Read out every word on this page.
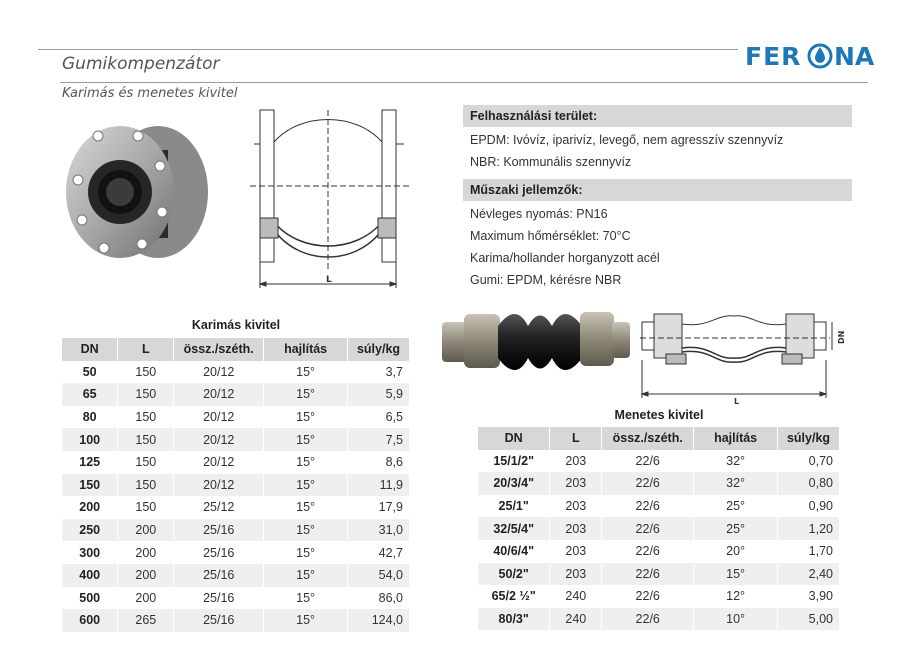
Gumikompenzátor
Karimás és menetes kivitel
FER NA
L
Felhasználási terület:
EPDM: Ivóvíz, iparivíz, levegő, nem agresszív szennyvíz
NBR: Kommunális szennyvíz
Műszaki jellemzők:
Névleges nyomás: PN16
Maximum hőmérséklet: 70°C
Karima/hollander horganyzott acél
Gumi: EPDM, kérésre NBR
L
DN
Karimás kivitel
DN	L	össz./széth.	hajlítás	súly/kg
50	150	20/12	15°	3,7
65	150	20/12	15°	5,9
80	150	20/12	15°	6,5
100	150	20/12	15°	7,5
125	150	20/12	15°	8,6
150	150	20/12	15°	11,9
200	150	25/12	15°	17,9
250	200	25/16	15°	31,0
300	200	25/16	15°	42,7
400	200	25/16	15°	54,0
500	200	25/16	15°	86,0
600	265	25/16	15°	124,0
Menetes kivitel
DN	L	össz./széth.	hajlítás	súly/kg
15/1/2"	203	22/6	32°	0,70
20/3/4"	203	22/6	32°	0,80
25/1"	203	22/6	25°	0,90
32/5/4"	203	22/6	25°	1,20
40/6/4"	203	22/6	20°	1,70
50/2"	203	22/6	15°	2,40
65/2 ½"	240	22/6	12°	3,90
80/3"	240	22/6	10°	5,00
